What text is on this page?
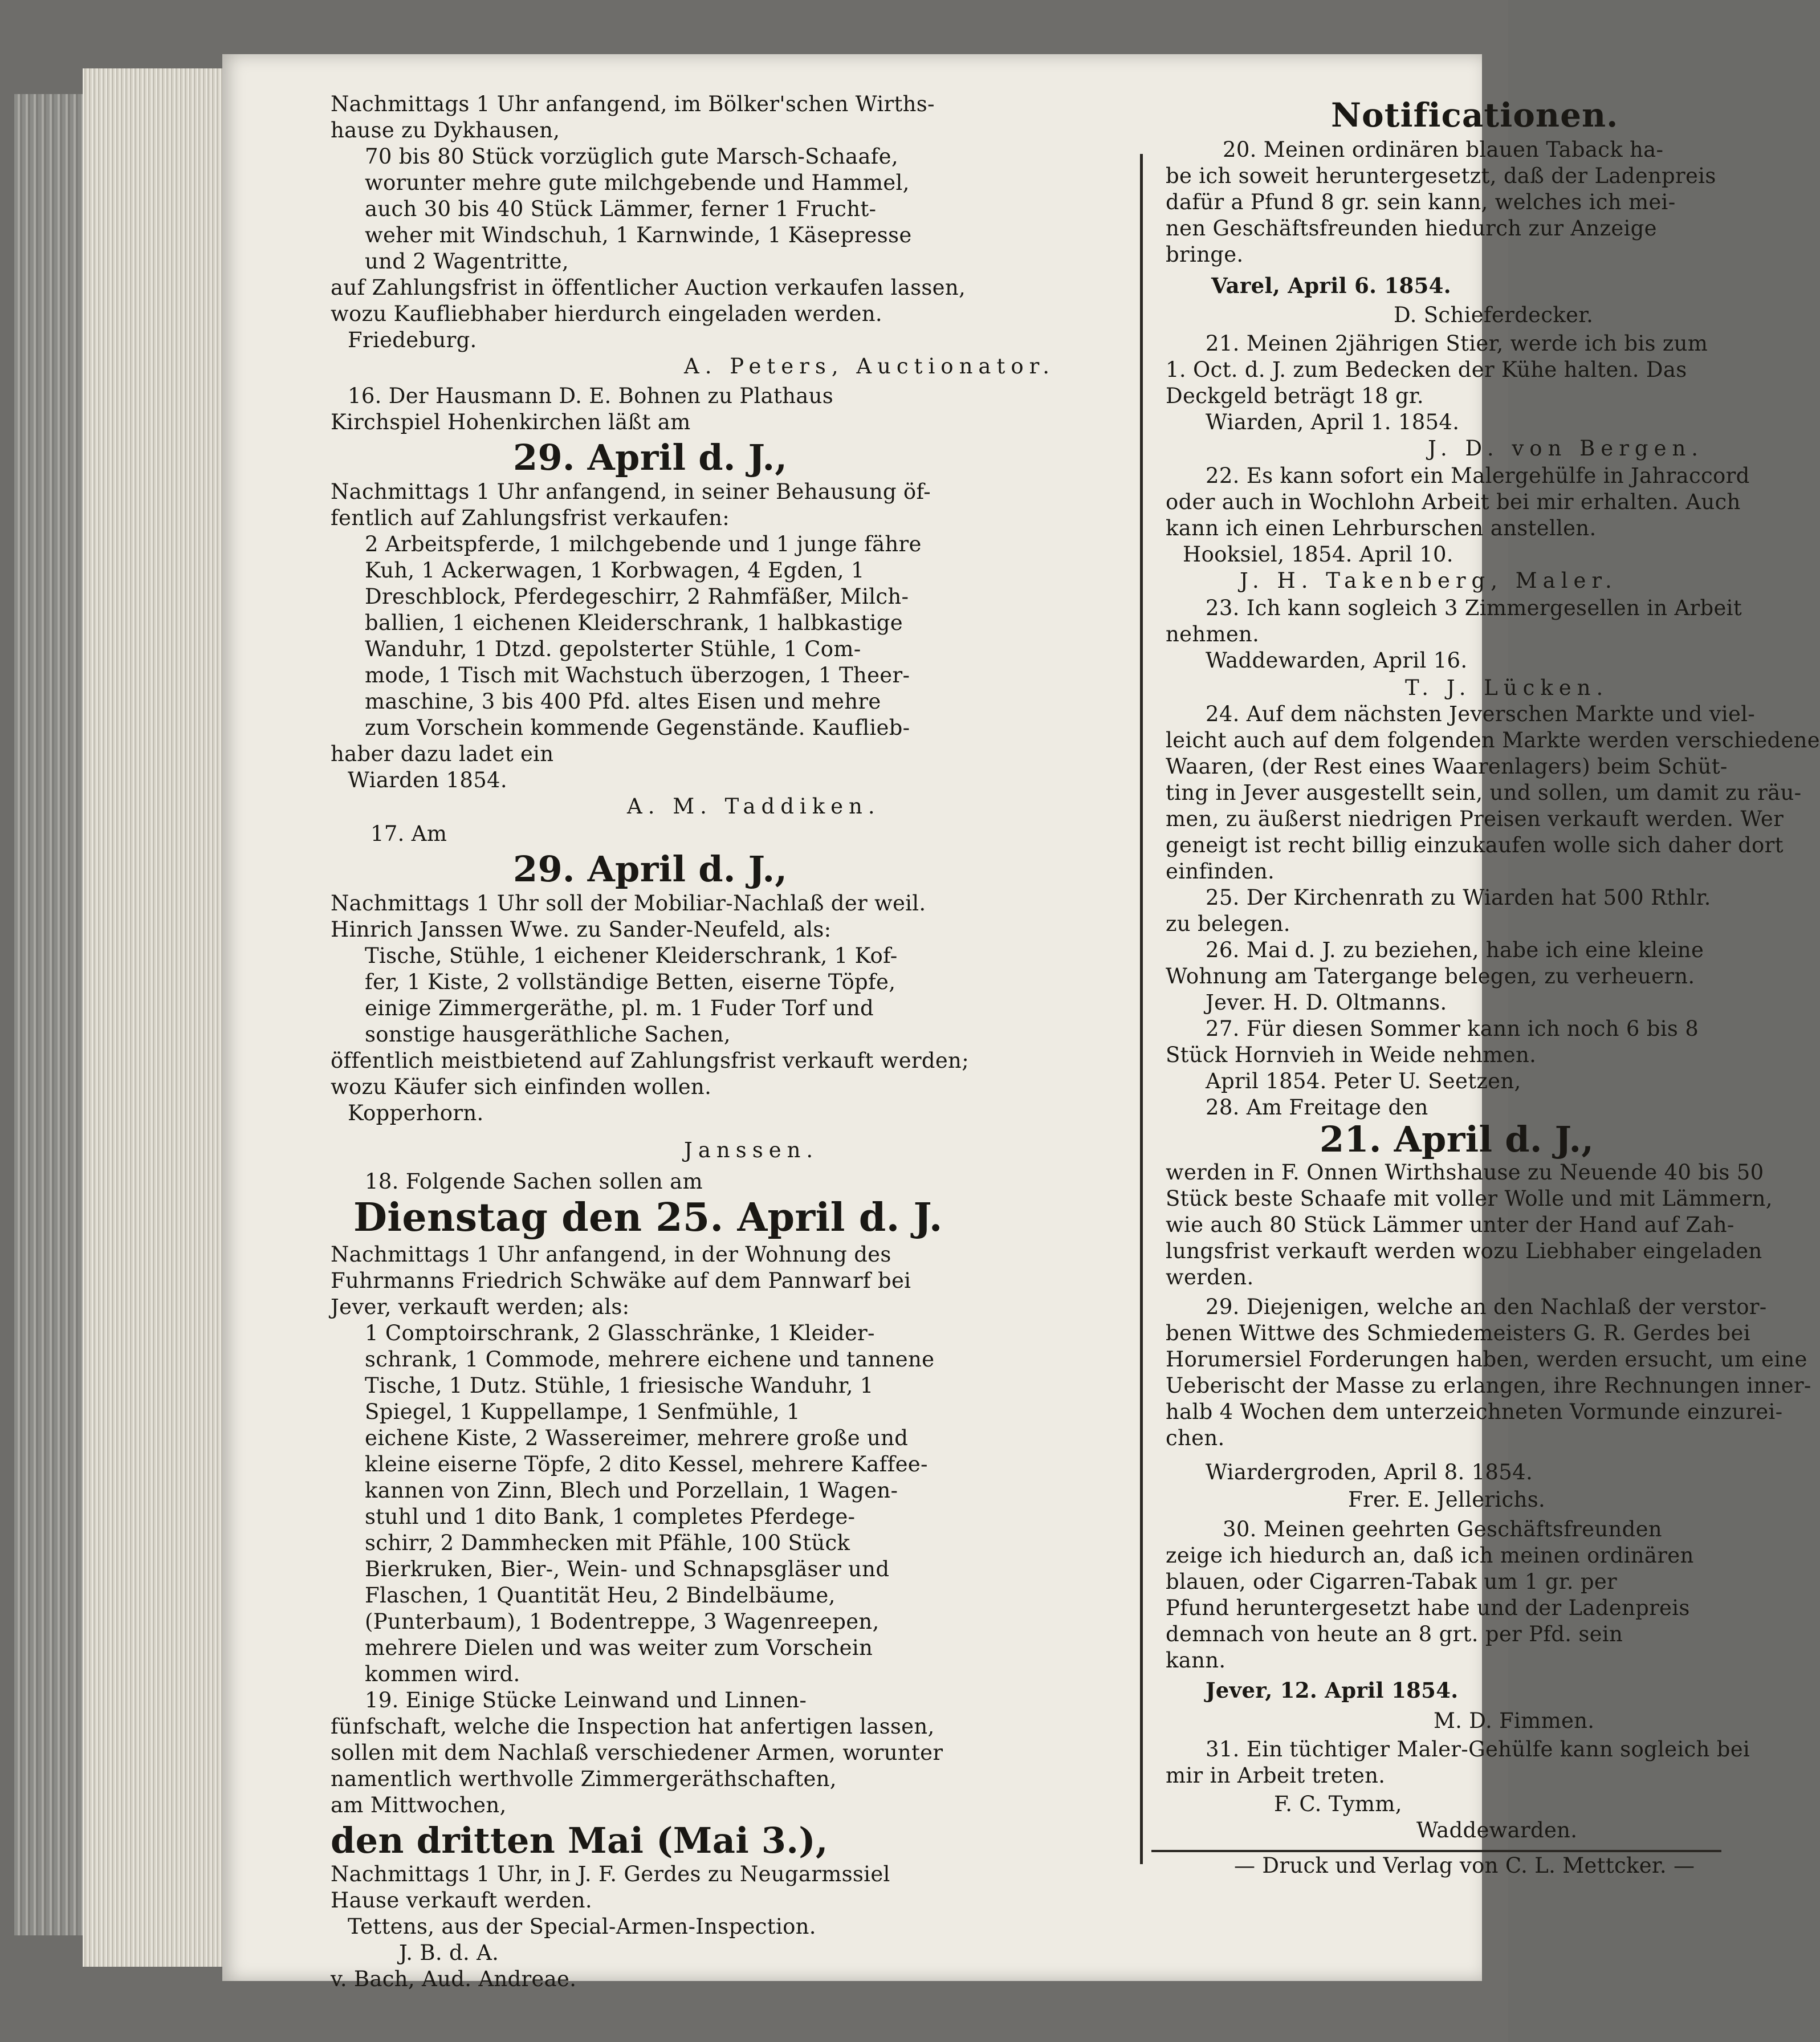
Nachmittags 1 Uhr anfangend, im Bölker'schen Wirths-
hause zu Dykhausen,
70 bis 80 Stück vorzüglich gute Marsch-Schaafe,
worunter mehre gute milchgebende und Hammel,
auch 30 bis 40 Stück Lämmer, ferner 1 Frucht-
weher mit Windschuh, 1 Karnwinde, 1 Käsepresse
und 2 Wagentritte,
auf Zahlungsfrist in öffentlicher Auction verkaufen lassen,
wozu Kaufliebhaber hierdurch eingeladen werden.
Friedeburg.
A. Peters, Auctionator.
16. Der Hausmann D. E. Bohnen zu Plathaus
Kirchspiel Hohenkirchen läßt am
29. April d. J.,
Nachmittags 1 Uhr anfangend, in seiner Behausung öf-
fentlich auf Zahlungsfrist verkaufen:
2 Arbeitspferde, 1 milchgebende und 1 junge fähre
Kuh, 1 Ackerwagen, 1 Korbwagen, 4 Egden, 1
Dreschblock, Pferdegeschirr, 2 Rahmfäßer, Milch-
ballien, 1 eichenen Kleiderschrank, 1 halbkastige
Wanduhr, 1 Dtzd. gepolsterter Stühle, 1 Com-
mode, 1 Tisch mit Wachstuch überzogen, 1 Theer-
maschine, 3 bis 400 Pfd. altes Eisen und mehre
zum Vorschein kommende Gegenstände. Kauflieb-
haber dazu ladet ein
Wiarden 1854.
A. M. Taddiken.
17. Am
29. April d. J.,
Nachmittags 1 Uhr soll der Mobiliar-Nachlaß der weil.
Hinrich Janssen Wwe. zu Sander-Neufeld, als:
Tische, Stühle, 1 eichener Kleiderschrank, 1 Kof-
fer, 1 Kiste, 2 vollständige Betten, eiserne Töpfe,
einige Zimmergeräthe, pl. m. 1 Fuder Torf und
sonstige hausgeräthliche Sachen,
öffentlich meistbietend auf Zahlungsfrist verkauft werden;
wozu Käufer sich einfinden wollen.
Kopperhorn.
Janssen.
18. Folgende Sachen sollen am
Dienstag den 25. April d. J.
Nachmittags 1 Uhr anfangend, in der Wohnung des
Fuhrmanns Friedrich Schwäke auf dem Pannwarf bei
Jever, verkauft werden; als:
1 Comptoirschrank, 2 Glasschränke, 1 Kleider-
schrank, 1 Commode, mehrere eichene und tannene
Tische, 1 Dutz. Stühle, 1 friesische Wanduhr, 1
Spiegel, 1 Kuppellampe, 1 Senfmühle, 1
eichene Kiste, 2 Wassereimer, mehrere große und
kleine eiserne Töpfe, 2 dito Kessel, mehrere Kaffee-
kannen von Zinn, Blech und Porzellain, 1 Wagen-
stuhl und 1 dito Bank, 1 completes Pferdege-
schirr, 2 Dammhecken mit Pfähle, 100 Stück
Bierkruken, Bier-, Wein- und Schnapsgläser und
Flaschen, 1 Quantität Heu, 2 Bindelbäume,
(Punterbaum), 1 Bodentreppe, 3 Wagenreepen,
mehrere Dielen und was weiter zum Vorschein
kommen wird.
19. Einige Stücke Leinwand und Linnen-
fünfschaft, welche die Inspection hat anfertigen lassen,
sollen mit dem Nachlaß verschiedener Armen, worunter
namentlich werthvolle Zimmergeräthschaften,
am Mittwochen,
den dritten Mai (Mai 3.),
Nachmittags 1 Uhr, in J. F. Gerdes zu Neugarmssiel
Hause verkauft werden.
Tettens, aus der Special-Armen-Inspection.
J. B. d. A.
v. Bach, Aud. Andreae.
Notificationen.
20. Meinen ordinären blauen Taback ha-
be ich soweit heruntergesetzt, daß der Ladenpreis
dafür a Pfund 8 gr. sein kann, welches ich mei-
nen Geschäftsfreunden hiedurch zur Anzeige
bringe.
Varel, April 6. 1854.
D. Schieferdecker.
21. Meinen 2jährigen Stier, werde ich bis zum
1. Oct. d. J. zum Bedecken der Kühe halten. Das
Deckgeld beträgt 18 gr.
Wiarden, April 1. 1854.
J. D. von Bergen.
22. Es kann sofort ein Malergehülfe in Jahraccord
oder auch in Wochlohn Arbeit bei mir erhalten. Auch
kann ich einen Lehrburschen anstellen.
Hooksiel, 1854. April 10.
J. H. Takenberg, Maler.
23. Ich kann sogleich 3 Zimmergesellen in Arbeit
nehmen.
Waddewarden, April 16.
T. J. Lücken.
24. Auf dem nächsten Jeverschen Markte und viel-
leicht auch auf dem folgenden Markte werden verschiedene
Waaren, (der Rest eines Waarenlagers) beim Schüt-
ting in Jever ausgestellt sein, und sollen, um damit zu räu-
men, zu äußerst niedrigen Preisen verkauft werden. Wer
geneigt ist recht billig einzukaufen wolle sich daher dort
einfinden.
25. Der Kirchenrath zu Wiarden hat 500 Rthlr.
zu belegen.
26. Mai d. J. zu beziehen, habe ich eine kleine
Wohnung am Tatergange belegen, zu verheuern.
Jever. H. D. Oltmanns.
27. Für diesen Sommer kann ich noch 6 bis 8
Stück Hornvieh in Weide nehmen.
April 1854. Peter U. Seetzen,
28. Am Freitage den
21. April d. J.,
werden in F. Onnen Wirthshause zu Neuende 40 bis 50
Stück beste Schaafe mit voller Wolle und mit Lämmern,
wie auch 80 Stück Lämmer unter der Hand auf Zah-
lungsfrist verkauft werden wozu Liebhaber eingeladen
werden.
29. Diejenigen, welche an den Nachlaß der verstor-
benen Wittwe des Schmiedemeisters G. R. Gerdes bei
Horumersiel Forderungen haben, werden ersucht, um eine
Ueberischt der Masse zu erlangen, ihre Rechnungen inner-
halb 4 Wochen dem unterzeichneten Vormunde einzurei-
chen.
Wiardergroden, April 8. 1854.
Frer. E. Jellerichs.
30. Meinen geehrten Geschäftsfreunden
zeige ich hiedurch an, daß ich meinen ordinären
blauen, oder Cigarren-Tabak um 1 gr. per
Pfund heruntergesetzt habe und der Ladenpreis
demnach von heute an 8 grt. per Pfd. sein
kann.
Jever, 12. April 1854.
M. D. Fimmen.
31. Ein tüchtiger Maler-Gehülfe kann sogleich bei
mir in Arbeit treten.
F. C. Tymm,
Waddewarden.
— Druck und Verlag von C. L. Mettcker. —
